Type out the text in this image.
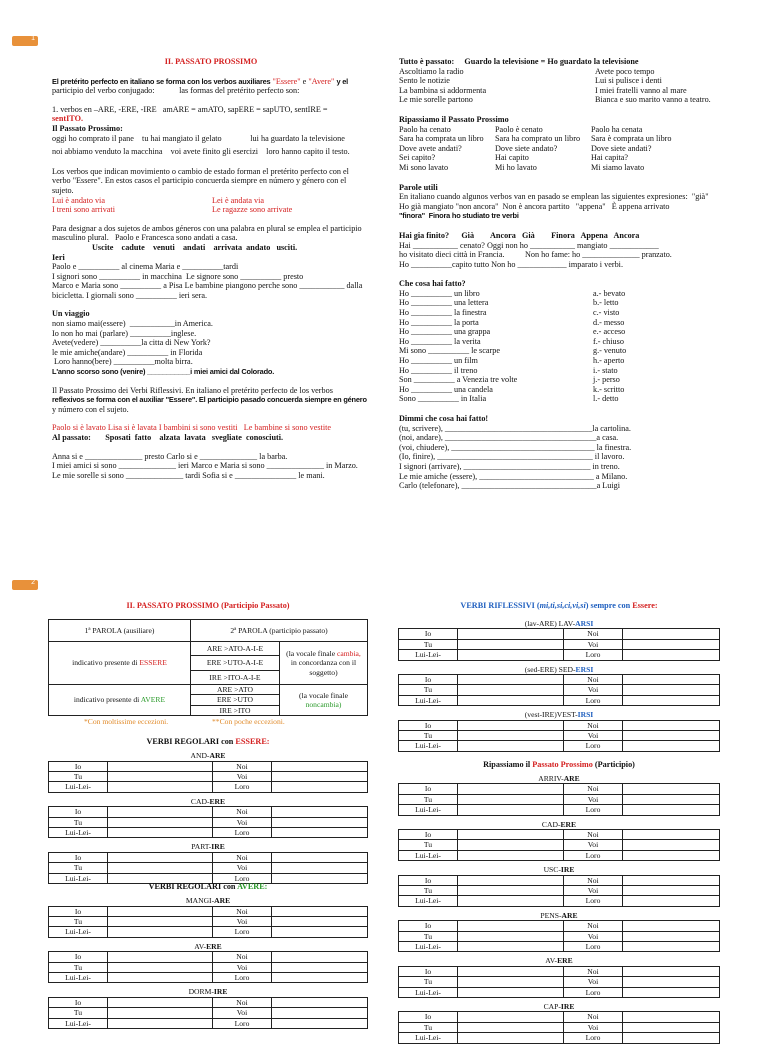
1

II. PASSATO PROSSIMO

El pretérito perfecto en italiano se forma con los verbos auxiliares "Essere" e "Avere" y el

participio del verbo conjugado:	las formas del pretérito perfecto son:

1. verbos en –ARE, -ERE, -IRE   amARE = amATO, sapERE = sapUTO, sentIRE =

sentITO.

Il Passato Prossimo:

oggi ho comprato il pane    tu hai mangiato il gelato              lui ha guardato la televisione

noi abbiamo venduto la macchina    voi avete finito gli esercizi    loro hanno capito il testo.

Los verbos que indican movimiento o cambio de estado forman el pretérito perfecto con el

verbo "Essere". En estos casos el participio concuerda siempre en número y género con el

sujeto.

Lui è andato via	Lei è andata via
I treni sono arrivati	Le ragazze sono arrivate

Para designar a dos sujetos de ambos géneros con una palabra en plural se emplea el participio

masculino plural.   Paolo e Francesca sono andati a casa.

Uscite    cadute    venuti    andati    arrivata  andato   usciti.

Ieri

Paolo e __________ al cinema Maria e __________tardi

I signori sono __________ in macchina  Le signore sono __________ presto

Marco e Maria sono __________ a Pisa Le bambine piangono perche sono ___________ dalla

bicicletta. I giornali sono __________ ieri sera.

Un viaggio

non siamo mai(essere)  ___________in America.

Io non ho mai (parlare) __________inglese.

Avete(vedere) __________la citta di New York?

le mie amiche(andare) __________ in Florida

Loro hanno(bere) __________molta birra.

L'anno scorso sono (venire) ___________i miei amici dal Colorado.

Il Passato Prossimo dei Verbi Riflessivi. En italiano el pretérito perfecto de los verbos

reflexivos se forma con el auxiliar "Essere". El participio pasado concuerda siempre en género

y número con el sujeto.

Paolo si è lavato Lisa si è lavata I bambini si sono vestiti   Le bambine si sono vestite

Al passato:       Sposati  fatto    alzata  lavata   svegliate  conosciuti.

Anna si e ______________ presto Carlo si e ______________ la barba.

I miei amici si sono ______________ ieri Marco e Maria si sono ______________ in Marzo.

Le mie sorelle si sono ______________ tardi Sofia si e _______________ le mani.

Tutto è passato:     Guardo la televisione = Ho guardato la televisione

Ascoltiamo la radio	Avete poco tempo
Sento le notizie	Lui si pulisce i denti
La bambina si addormenta	I miei fratelli vanno al mare
Le mie sorelle partono	Bianca e suo marito vanno a teatro.

Ripassiamo il Passato Prossimo

Paolo ha cenato	Paolo è cenato	Paolo ha cenata
Sara ha comprata un libro	Sara ha comprato un libro	Sara è comprata un libro
Dove avete andati?	Dove siete andato?	Dove siete andati?
Sei capito?	Hai capito	Hai capita?
Mi sono lavato	Mi ho lavato	Mi siamo lavato

Parole utili

En italiano cuando algunos verbos van en pasado se emplean las siguientes expresiones:  "già"

Ho già mangiato "non ancora"  Non è ancora partito   "appena"   È appena arrivato

"finora"  Finora ho studiato tre verbi

Hai gia finito?      Già        Ancora   Già        Finora   Appena   Ancora

Hai ___________ cenato? Oggi non ho ___________ mangiato ____________

ho visitato dieci città in Francia.          Non ho fame: ho ______________ pranzato.

Ho __________capito tutto Non ho ____________ imparato i verbi.

Che cosa hai fatto?

Ho __________ un libro	a.- bevato
Ho __________ una lettera	b.- letto
Ho __________ la finestra	c.- visto
Ho __________ la porta	d.- messo
Ho __________ una grappa	e.- acceso
Ho __________ la verita	f.- chiuso
Mi sono __________ le scarpe	g.- venuto
Ho __________ un film	h.- aperto
Ho __________ il treno	i.- stato
Son __________ a Venezia tre volte	j.- perso
Ho __________ una candela	k.- scritto
Sono __________ in Italia	l.- detto

Dimmi che cosa hai fatto!

(tu, scrivere), ____________________________________la cartolina.
(noi, andare), _____________________________________a casa.
(voi, chiudere), ___________________________________ la finestra.
(Io, finire), ______________________________________ il lavoro.
I signori (arrivare), _______________________________ in treno.
Le mie amiche (essere), ____________________________ a Milano.
Carlo (telefonare), _________________________________a Luigi
2

II. PASSATO PROSSIMO (Participio Passato)

1ª PAROLA (ausiliare)	2ª PAROLA (participio passato)	
indicativo presente di ESSERE	ARE >ATO-A-I-E	(la vocale finale cambia, in concordanza con il soggetto)
	ERE >UTO-A-I-E	
	IRE >ITO-A-I-E	
indicativo presente di AVERE	ARE >ATO	(la vocale finale noncambia)
	ERE >UTO	
	IRE >ITO	
*Con moltissime eccezioni.	**Con poche eccezioni.
VERBI REGOLARI con ESSERE:
AND-ARE			
Io		Noi	
Tu		Voi	
Lui-Lei-		Loro	
CAD-ERE			
Io		Noi	
Tu		Voi	
Lui-Lei-		Loro	
PART-IRE			
Io		Noi	
Tu		Voi	
Lui-Lei-		Loro	
VERBI REGOLARI con AVERE:
MANGI-ARE			
Io		Noi	
Tu		Voi	
Lui-Lei-		Loro	
AV-ERE			
Io		Noi	
Tu		Voi	
Lui-Lei-		Loro	
DORM-IRE			
Io		Noi	
Tu		Voi	
Lui-Lei-		Loro	

VERBI RIFLESSIVI (mi,ti,si,ci,vi,si) sempre con Essere:

(lav-ARE) LAV-ARSI			
Io		Noi	
Tu		Voi	
Lui-Lei-		Loro	
(sed-ERE) SED-ERSI			
Io		Noi	
Tu		Voi	
Lui-Lei-		Loro	
(vest-IRE)VEST-IRSI			
Io		Noi	
Tu		Voi	
Lui-Lei-		Loro	
Ripassiamo il Passato Prossimo (Participio)
ARRIV-ARE			
Io		Noi	
Tu		Voi	
Lui-Lei-		Loro	
CAD-ERE			
Io		Noi	
Tu		Voi	
Lui-Lei-		Loro	
USC-IRE			
Io		Noi	
Tu		Voi	
Lui-Lei-		Loro	
PENS-ARE			
Io		Noi	
Tu		Voi	
Lui-Lei-		Loro	
AV-ERE			
Io		Noi	
Tu		Voi	
Lui-Lei-		Loro	
CAP-IRE			
Io		Noi	
Tu		Voi	
Lui-Lei-		Loro	
